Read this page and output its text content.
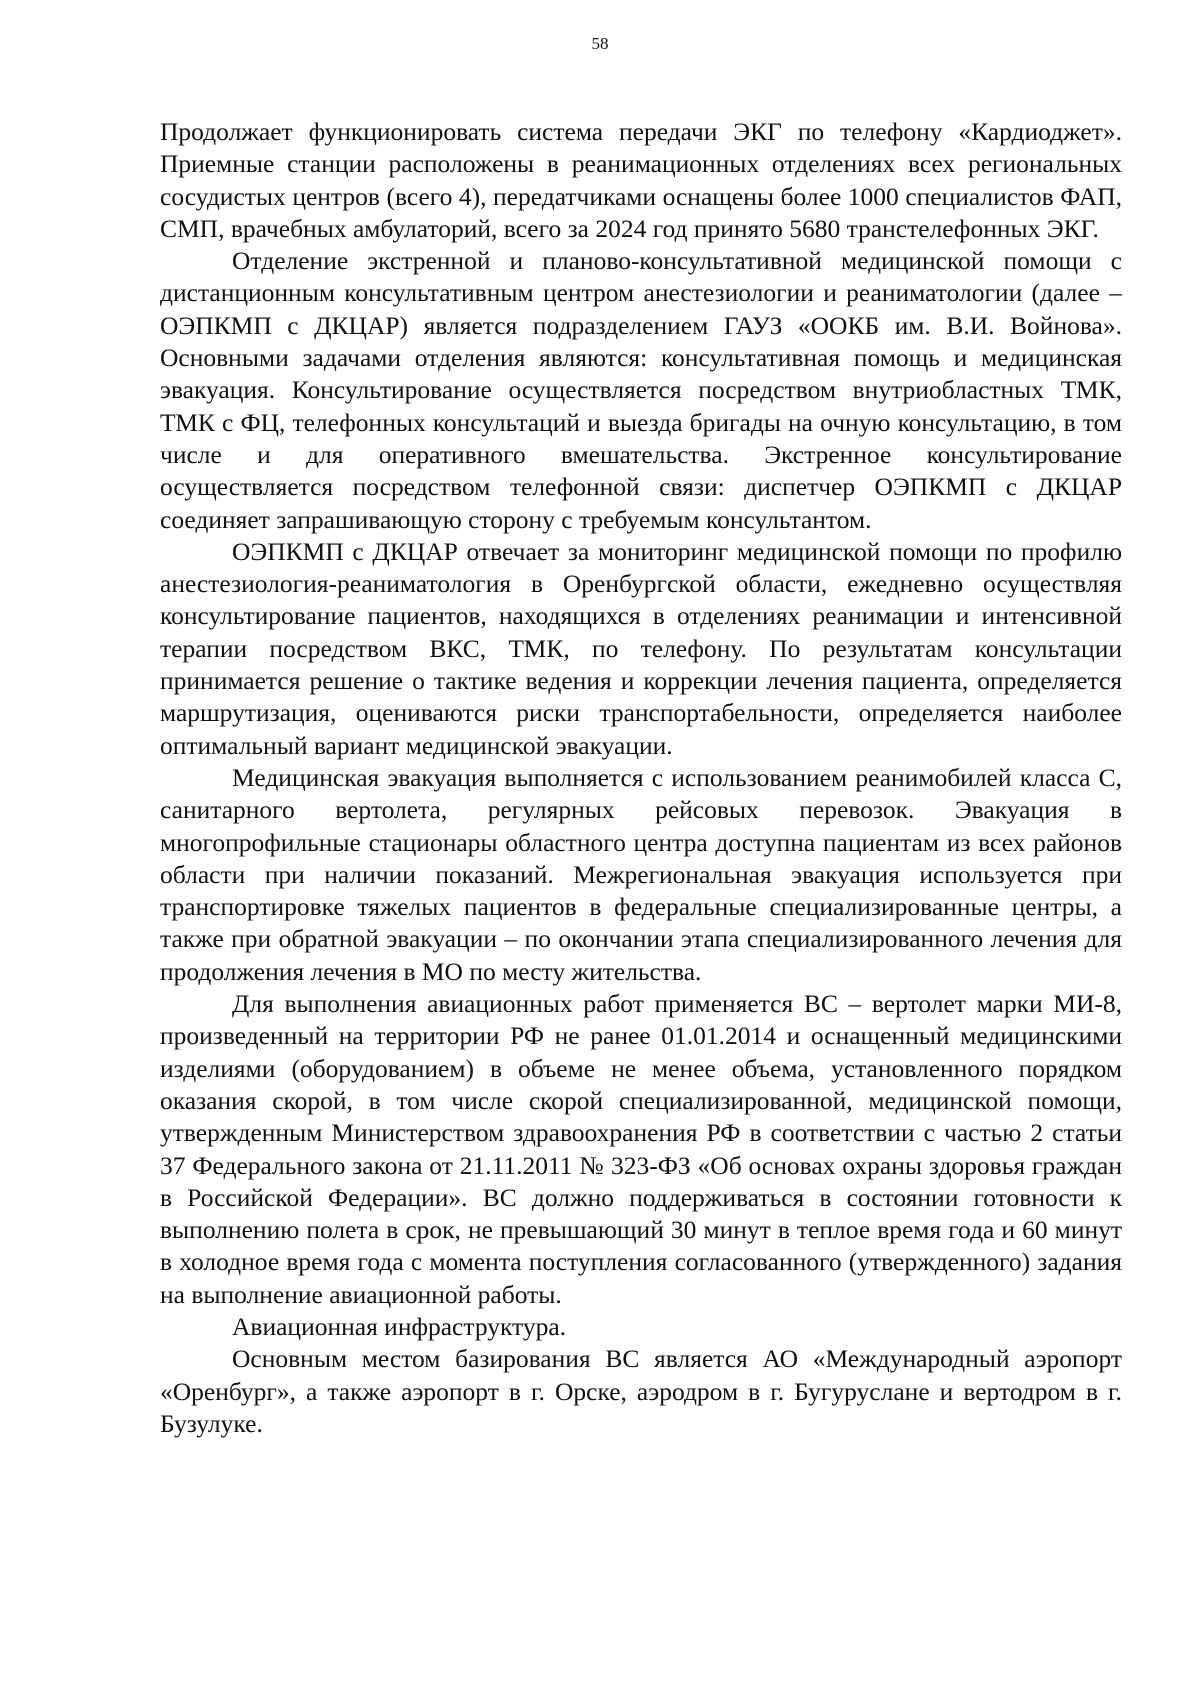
58

Продолжает функционировать система передачи ЭКГ по телефону «Кардиоджет». Приемные станции расположены в реанимационных отделениях всех региональных сосудистых центров (всего 4), передатчиками оснащены более 1000 специалистов ФАП, СМП, врачебных амбулаторий, всего за 2024 год принято 5680 транстелефонных ЭКГ.

Отделение экстренной и планово-консультативной медицинской помощи с дистанционным консультативным центром анестезиологии и реаниматологии (далее – ОЭПКМП с ДКЦАР) является подразделением ГАУЗ «ООКБ им. В.И. Войнова». Основными задачами отделения являются: консультативная помощь и медицинская эвакуация. Консультирование осуществляется посредством внутриобластных ТМК, ТМК с ФЦ, телефонных консультаций и выезда бригады на очную консультацию, в том числе и для оперативного вмешательства. Экстренное консультирование осуществляется посредством телефонной связи: диспетчер ОЭПКМП с ДКЦАР соединяет запрашивающую сторону с требуемым консультантом.

ОЭПКМП с ДКЦАР отвечает за мониторинг медицинской помощи по профилю анестезиология-реаниматология в Оренбургской области, ежедневно осуществляя консультирование пациентов, находящихся в отделениях реанимации и интенсивной терапии посредством ВКС, ТМК, по телефону. По результатам консультации принимается решение о тактике ведения и коррекции лечения пациента, определяется маршрутизация, оцениваются риски транспортабельности, определяется наиболее оптимальный вариант медицинской эвакуации.

Медицинская эвакуация выполняется с использованием реанимобилей класса С, санитарного вертолета, регулярных рейсовых перевозок. Эвакуация в многопрофильные стационары областного центра доступна пациентам из всех районов области при наличии показаний. Межрегиональная эвакуация используется при транспортировке тяжелых пациентов в федеральные специализированные центры, а также при обратной эвакуации – по окончании этапа специализированного лечения для продолжения лечения в МО по месту жительства.

Для выполнения авиационных работ применяется ВС – вертолет марки МИ-8, произведенный на территории РФ не ранее 01.01.2014 и оснащенный медицинскими изделиями (оборудованием) в объеме не менее объема, установленного порядком оказания скорой, в том числе скорой специализированной, медицинской помощи, утвержденным Министерством здравоохранения РФ в соответствии с частью 2 статьи 37 Федерального закона от 21.11.2011 № 323-ФЗ «Об основах охраны здоровья граждан в Российской Федерации». ВС должно поддерживаться в состоянии готовности к выполнению полета в срок, не превышающий 30 минут в теплое время года и 60 минут в холодное время года с момента поступления согласованного (утвержденного) задания на выполнение авиационной работы.

Авиационная инфраструктура.

Основным местом базирования ВС является АО «Международный аэропорт «Оренбург», а также аэропорт в г. Орске, аэродром в г. Бугуруслане и вертодром в г. Бузулуке.
